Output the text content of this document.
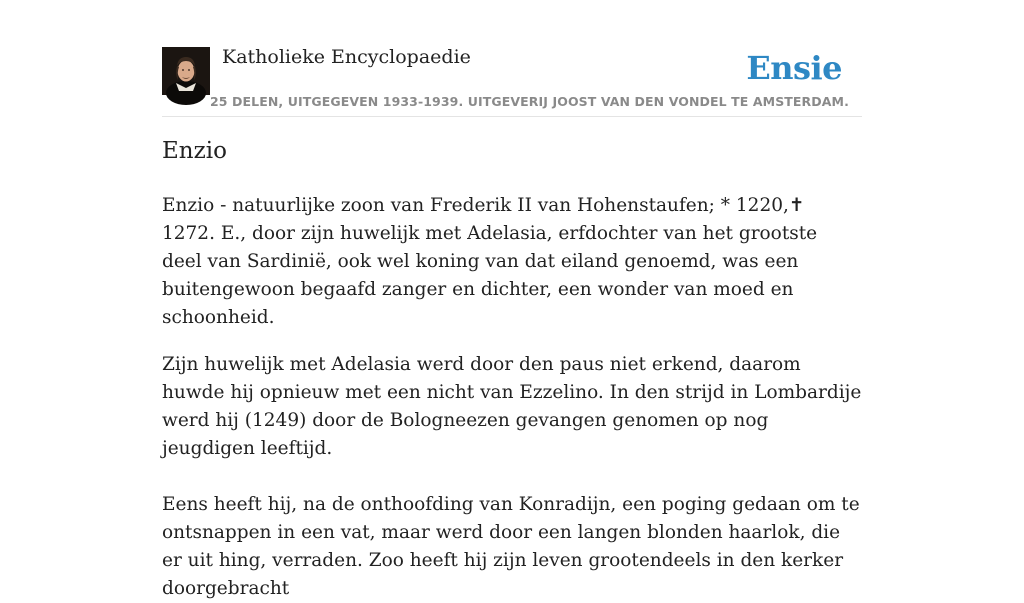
Katholieke Encyclopaedie
25 DELEN, UITGEGEVEN 1933-1939. UITGEVERIJ JOOST VAN DEN VONDEL TE AMSTERDAM.
Ensie
Enzio

Enzio - natuurlijke zoon van Frederik II van Hohenstaufen; * 1220,✝ 1272. E., door zijn huwelijk met Adelasia, erfdochter van het grootste deel van Sardinië, ook wel koning van dat eiland genoemd, was een buitengewoon begaafd zanger en dichter, een wonder van moed en schoonheid.

Zijn huwelijk met Adelasia werd door den paus niet erkend, daarom huwde hij opnieuw met een nicht van Ezzelino. In den strijd in Lombardije werd hij (1249) door de Bologneezen gevangen genomen op nog jeugdigen leeftijd.

Eens heeft hij, na de onthoofding van Konradijn, een poging gedaan om te ontsnappen in een vat, maar werd door een langen blonden haarlok, die er uit hing, verraden. Zoo heeft hij zijn leven grootendeels in den kerker doorgebracht
